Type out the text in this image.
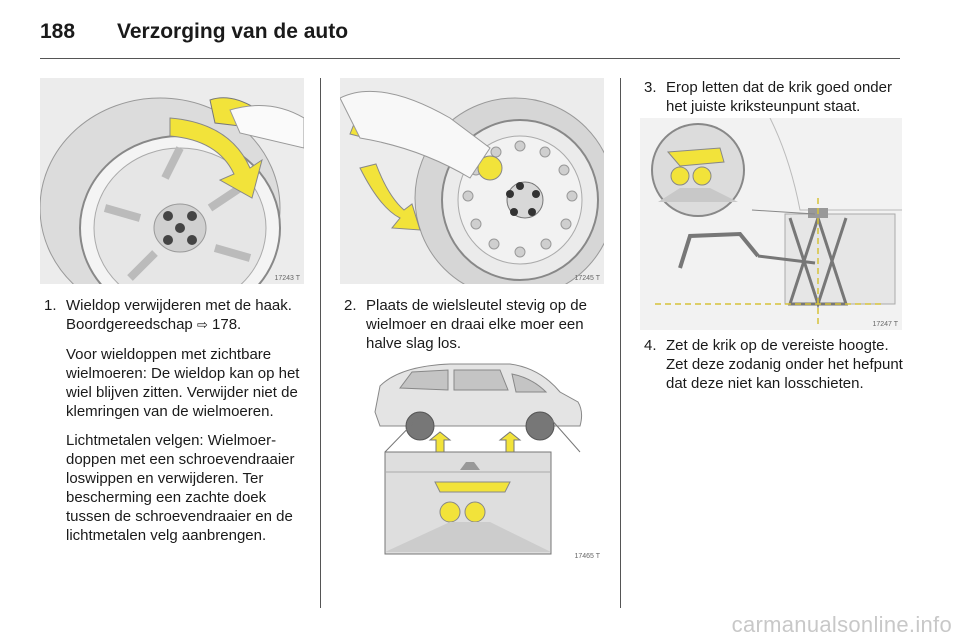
188 Verzorging van de auto
17243 T	17245 T
17465 T
17247 T
1. Wieldop verwijderen met de haak.
Boordgereedschap ⇨ 178.

Voor wieldoppen met zichtbare wielmoeren: De wieldop kan op het wiel blijven zitten. Verwijder niet de klemringen van de wielmoeren.

Lichtmetalen velgen: Wielmoerdoppen met een schroevendraaier loswippen en verwijderen. Ter bescherming een zachte doek tussen de schroevendraaier en de lichtmetalen velg aanbrengen.

2. Plaats de wielsleutel stevig op de wielmoer en draai elke moer een halve slag los.

3. Erop letten dat de krik goed onder het juiste kriksteunpunt staat.

4. Zet de krik op de vereiste hoogte. Zet deze zodanig onder het hefpunt dat deze niet kan losschieten.

carmanualsonline.info
